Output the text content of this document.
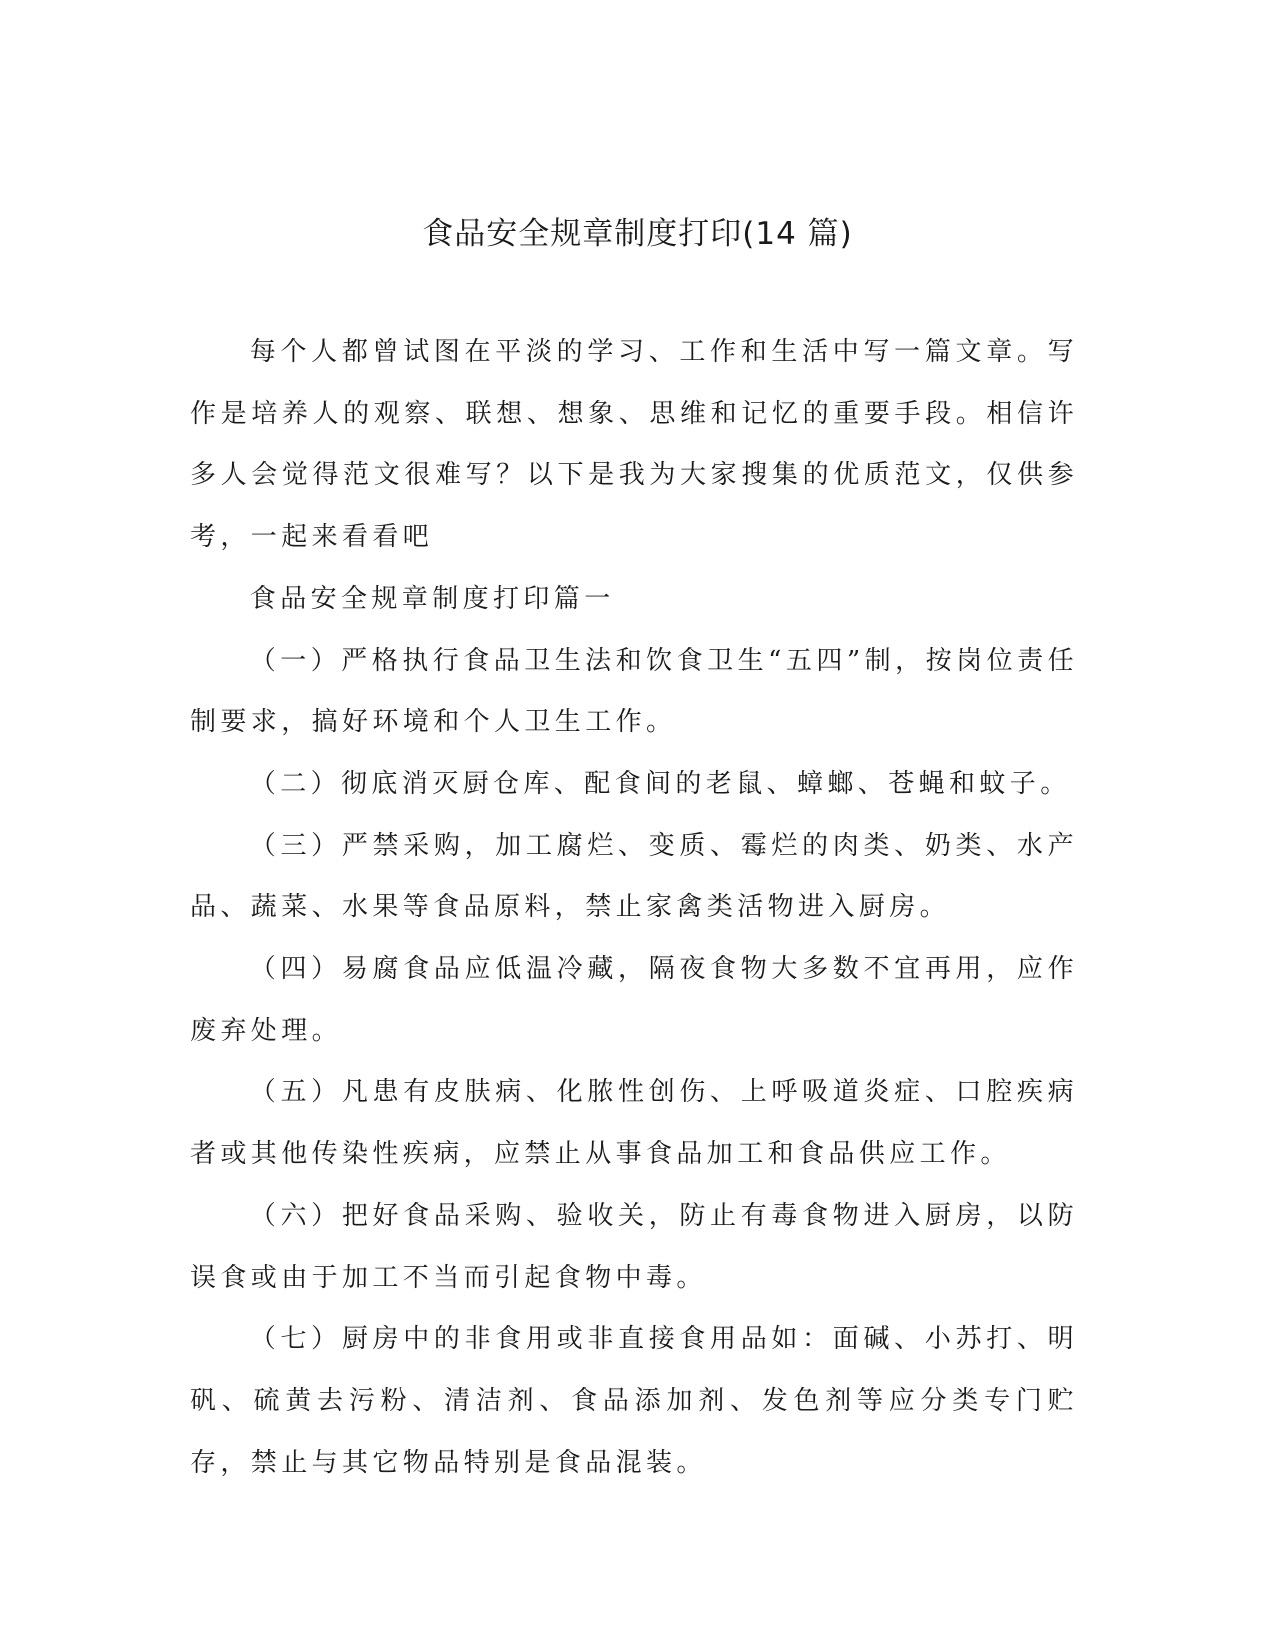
食品安全规章制度打印(14 篇)

每个人都曾试图在平淡的学习、工作和生活中写一篇文章。写作是培养人的观察、联想、想象、思维和记忆的重要手段。相信许多人会觉得范文很难写？以下是我为大家搜集的优质范文，仅供参考，一起来看看吧

食品安全规章制度打印篇一

（一）严格执行食品卫生法和饮食卫生“五四”制，按岗位责任制要求，搞好环境和个人卫生工作。

（二）彻底消灭厨仓库、配食间的老鼠、蟑螂、苍蝇和蚊子。

（三）严禁采购，加工腐烂、变质、霉烂的肉类、奶类、水产品、蔬菜、水果等食品原料，禁止家禽类活物进入厨房。

（四）易腐食品应低温冷藏，隔夜食物大多数不宜再用，应作废弃处理。

（五）凡患有皮肤病、化脓性创伤、上呼吸道炎症、口腔疾病者或其他传染性疾病，应禁止从事食品加工和食品供应工作。

（六）把好食品采购、验收关，防止有毒食物进入厨房，以防误食或由于加工不当而引起食物中毒。

（七）厨房中的非食用或非直接食用品如：面碱、小苏打、明矾、硫黄去污粉、清洁剂、食品添加剂、发色剂等应分类专门贮存，禁止与其它物品特别是食品混装。
